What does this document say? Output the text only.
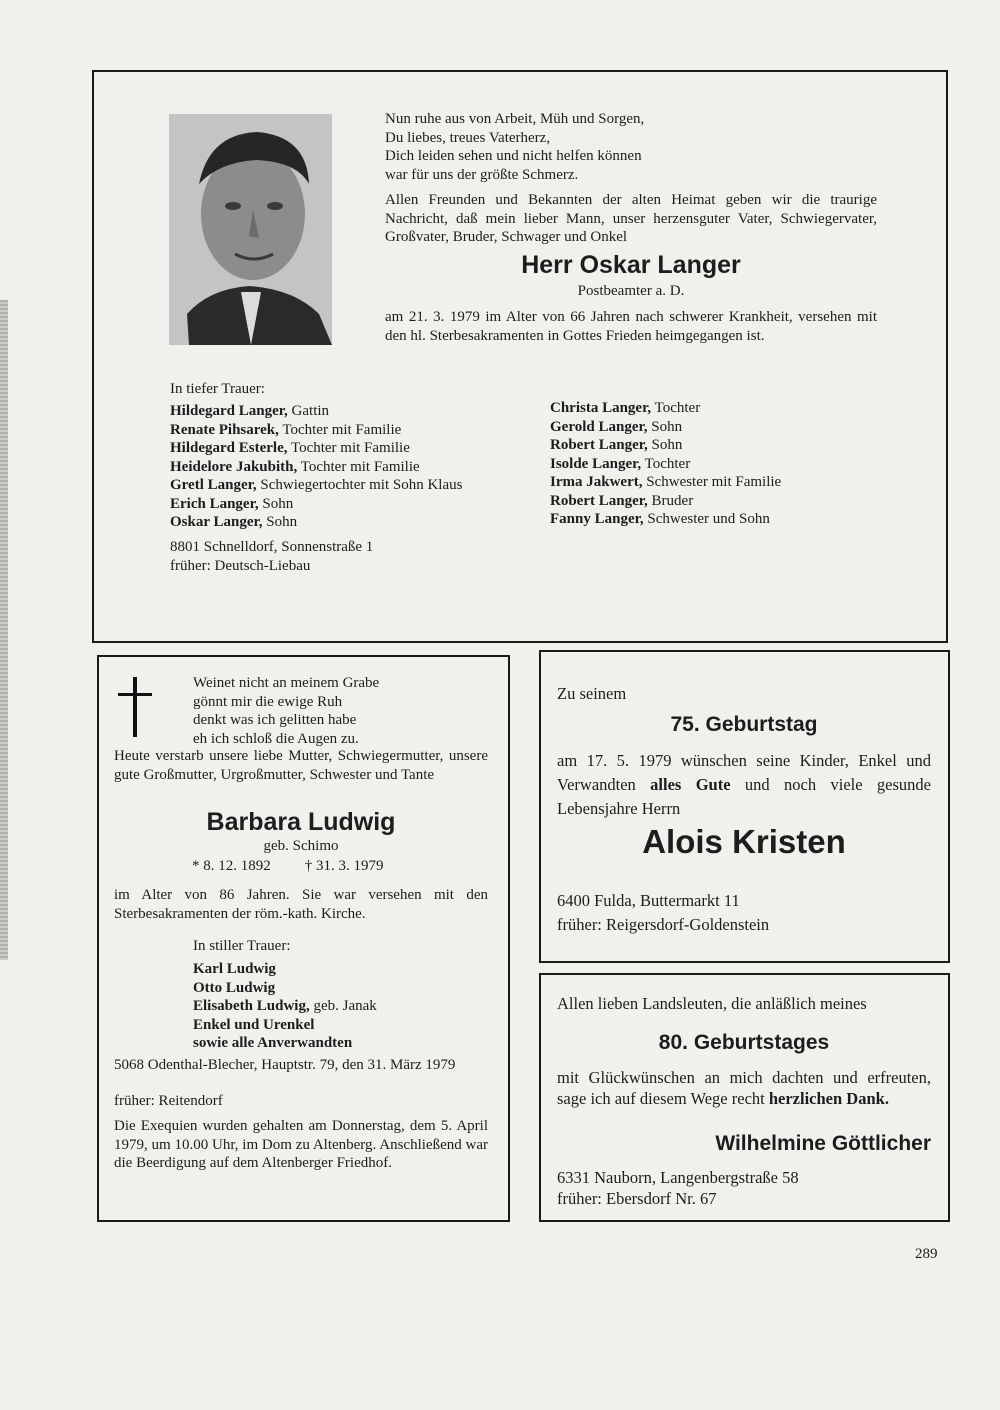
Nun ruhe aus von Arbeit, Müh und Sorgen,
Du liebes, treues Vaterherz,
Dich leiden sehen und nicht helfen können
war für uns der größte Schmerz.
Allen Freunden und Bekannten der alten Heimat geben wir die traurige Nachricht, daß mein lieber Mann, unser herzensguter Vater, Schwiegervater, Großvater, Bruder, Schwager und Onkel
Herr Oskar Langer
Postbeamter a. D.
am 21. 3. 1979 im Alter von 66 Jahren nach schwerer Krankheit, versehen mit den hl. Sterbesakramenten in Gottes Frieden heimgegangen ist.
In tiefer Trauer:
Hildegard Langer, Gattin
Renate Pihsarek, Tochter mit Familie
Hildegard Esterle, Tochter mit Familie
Heidelore Jakubith, Tochter mit Familie
Gretl Langer, Schwiegertochter mit Sohn Klaus
Erich Langer, Sohn
Oskar Langer, Sohn
Christa Langer, Tochter
Gerold Langer, Sohn
Robert Langer, Sohn
Isolde Langer, Tochter
Irma Jakwert, Schwester mit Familie
Robert Langer, Bruder
Fanny Langer, Schwester und Sohn
8801 Schnelldorf, Sonnenstraße 1
früher: Deutsch-Liebau
Weinet nicht an meinem Grabe
gönnt mir die ewige Ruh
denkt was ich gelitten habe
eh ich schloß die Augen zu.
Heute verstarb unsere liebe Mutter, Schwiegermutter, unsere gute Großmutter, Urgroßmutter, Schwester und Tante
Barbara Ludwig
geb. Schimo
* 8. 12. 1892 † 31. 3. 1979
im Alter von 86 Jahren. Sie war versehen mit den Sterbesakramenten der röm.-kath. Kirche.
In stiller Trauer:
Karl Ludwig
Otto Ludwig
Elisabeth Ludwig, geb. Janak
Enkel und Urenkel
sowie alle Anverwandten
5068 Odenthal-Blecher, Hauptstr. 79, den 31. März 1979
früher: Reitendorf
Die Exequien wurden gehalten am Donnerstag, dem 5. April 1979, um 10.00 Uhr, im Dom zu Altenberg. Anschließend war die Beerdigung auf dem Altenberger Friedhof.
Zu seinem
75. Geburtstag
am 17. 5. 1979 wünschen seine Kinder, Enkel und Verwandten alles Gute und noch viele gesunde Lebensjahre Herrn
Alois Kristen
6400 Fulda, Buttermarkt 11
früher: Reigersdorf-Goldenstein
Allen lieben Landsleuten, die anläßlich meines
80. Geburtstages
mit Glückwünschen an mich dachten und erfreuten, sage ich auf diesem Wege recht herzlichen Dank.
Wilhelmine Göttlicher
6331 Nauborn, Langenbergstraße 58
früher: Ebersdorf Nr. 67
289
